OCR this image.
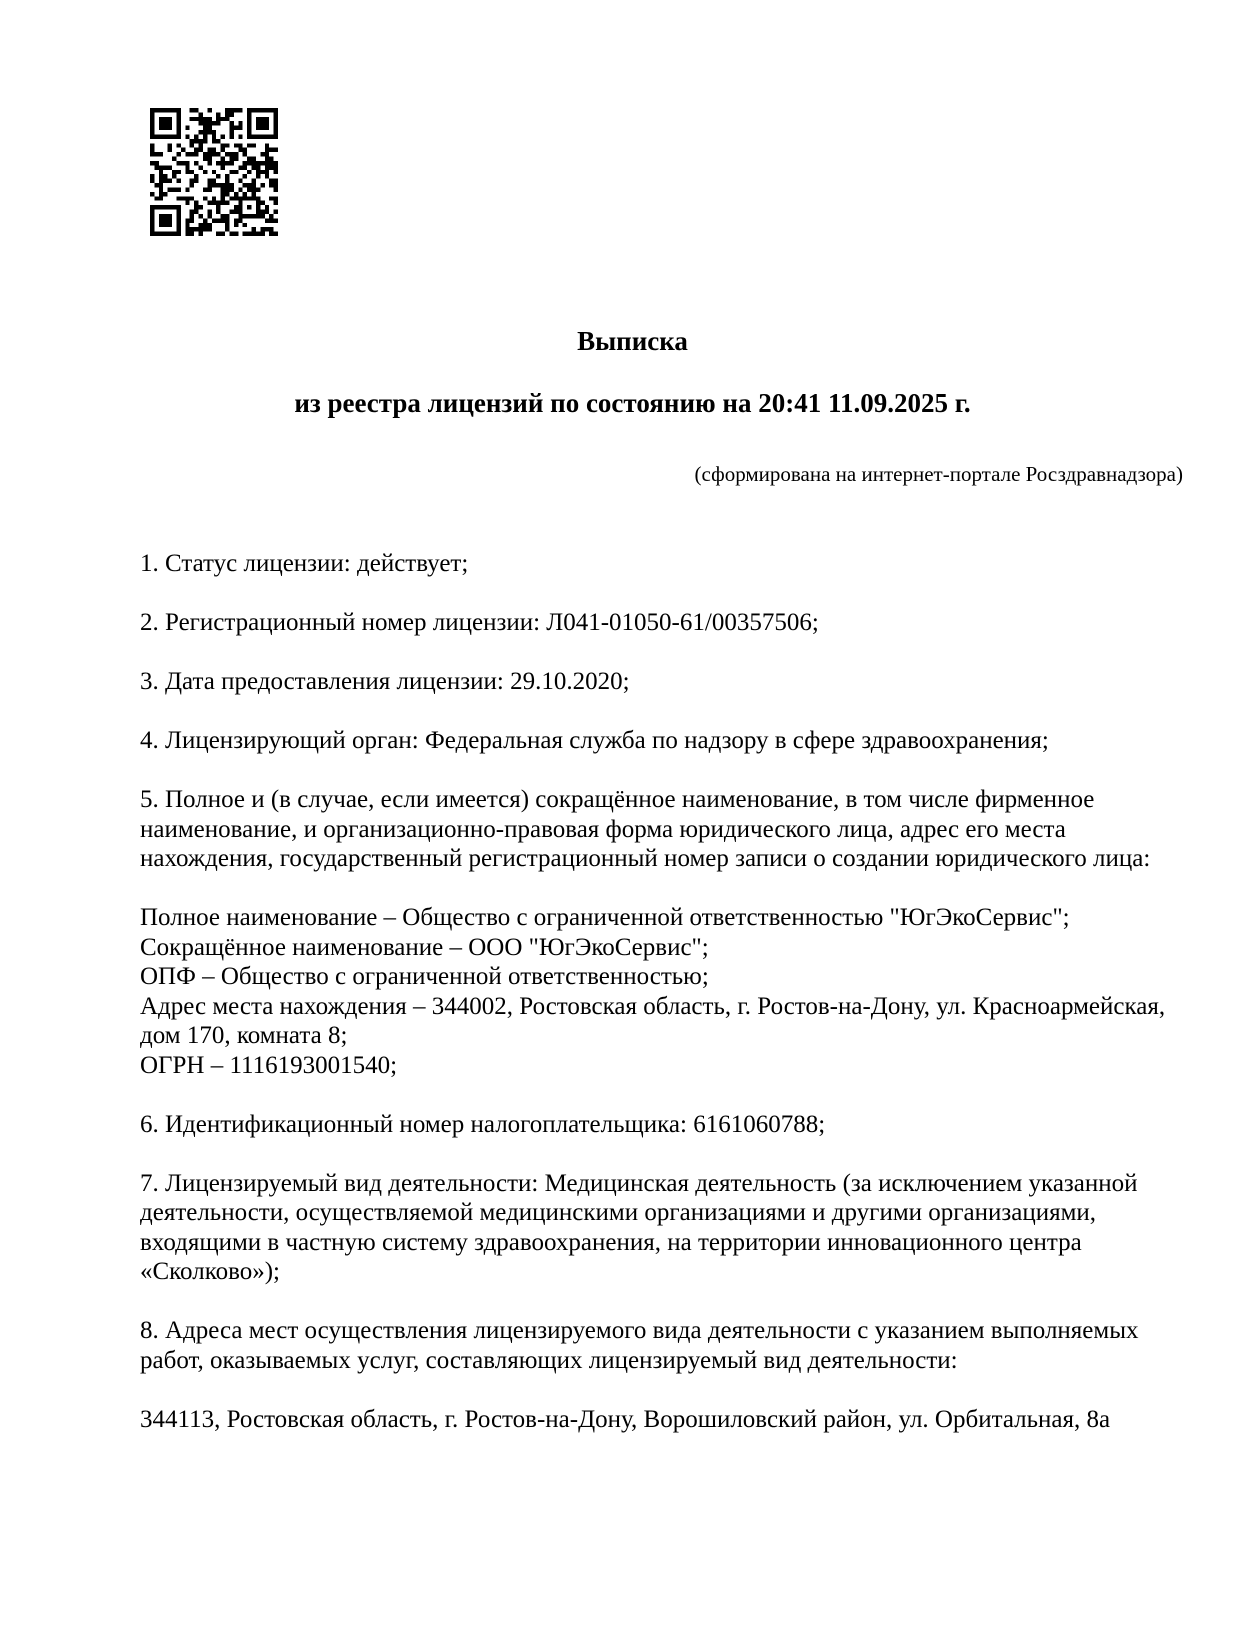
Выписка

из реестра лицензий по состоянию на 20:41 11.09.2025 г.

(сформирована на интернет-портале Росздравнадзора)

1. Статус лицензии: действует;

2. Регистрационный номер лицензии: Л041-01050-61/00357506;

3. Дата предоставления лицензии: 29.10.2020;

4. Лицензирующий орган: Федеральная служба по надзору в сфере здравоохранения;

5. Полное и (в случае, если имеется) сокращённое наименование, в том числе фирменное
наименование, и организационно-правовая форма юридического лица, адрес его места
нахождения, государственный регистрационный номер записи о создании юридического лица:

Полное наименование – Общество с ограниченной ответственностью "ЮгЭкоСервис";
Сокращённое наименование – ООО "ЮгЭкоСервис";
ОПФ – Общество с ограниченной ответственностью;
Адрес места нахождения – 344002, Ростовская область, г. Ростов-на-Дону, ул. Красноармейская,
дом 170, комната 8;
ОГРН – 1116193001540;

6. Идентификационный номер налогоплательщика: 6161060788;

7. Лицензируемый вид деятельности: Медицинская деятельность (за исключением указанной
деятельности, осуществляемой медицинскими организациями и другими организациями,
входящими в частную систему здравоохранения, на территории инновационного центра
«Сколково»);

8. Адреса мест осуществления лицензируемого вида деятельности с указанием выполняемых
работ, оказываемых услуг, составляющих лицензируемый вид деятельности:

344113, Ростовская область, г. Ростов-на-Дону, Ворошиловский район, ул. Орбитальная, 8а
